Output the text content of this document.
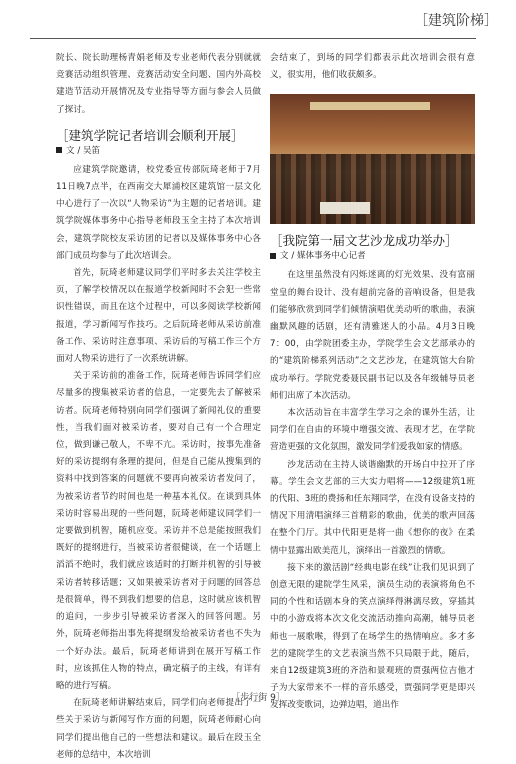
［建筑阶梯］

院长、院长助理杨青娟老师及专业老师代表分别就就竞赛活动组织管理、竞赛活动安全问题、国内外高校建造节活动开展情况及专业指导等方面与参会人员做了探讨。

［建筑学院记者培训会顺利开展］
文 / 吴笛

应建筑学院邀请，校党委宣传部阮琦老师于7月11日晚7点半，在西南交大犀浦校区建筑馆一层文化中心进行了一次以“人物采访”为主题的记者培训。建筑学院媒体事务中心指导老师段玉全主持了本次培训会，建筑学院校友采访团的记者以及媒体事务中心各部门成员均参与了此次培训会。

首先，阮琦老师建议同学们平时多去关注学校主页，了解学校情况以在报道学校新闻时不会犯一些常识性错误，而且在这个过程中，可以多阅读学校新闻报道，学习新闻写作技巧。之后阮琦老师从采访前准备工作、采访时注意事项、采访后的写稿工作三个方面对人物采访进行了一次系统讲解。

关于采访前的准备工作，阮琦老师告诉同学们应尽量多的搜集被采访者的信息，一定要先去了解被采访者。阮琦老师特别向同学们强调了新闻礼仪的重要性，当我们面对被采访者，要对自己有一个合理定位，做到谦己敬人，不卑不亢。采访时，按事先准备好的采访提纲有条理的提问，但是自己能从搜集到的资料中找到答案的问题就不要再向被采访者发问了，为被采访者节约时间也是一种基本礼仪。在谈到具体采访时容易出现的一些问题，阮琦老师建议同学们一定要做到机智，随机应变。采访并不总是能按照我们既好的提纲进行，当被采访者很健谈，在一个话题上滔滔不绝时，我们就应该适时的打断并机智的引导被采访者转移话题；又如果被采访者对于问题的回答总是很简单，得不到我们想要的信息，这时就应该机智的追问，一步步引导被采访者深入的回答问题。另外，阮琦老师指出事先将提纲发给被采访者也不失为一个好办法。最后，阮琦老师讲到在展开写稿工作时，应该抓住人物的特点，确定稿子的主线，有详有略的进行写稿。

在阮琦老师讲解结束后，同学们向老师提出了一些关于采访与新闻写作方面的问题，阮琦老师耐心向同学们提出他自己的一些想法和建议。最后在段玉全老师的总结中，本次培训

会结束了，到场的同学们都表示此次培训会很有意义，很实用，他们收获颇多。

［我院第一届文艺沙龙成功举办］
文 / 媒体事务中心记者

在这里虽然没有闪烁迷离的灯光效果、没有富丽堂皇的舞台设计、没有超前完备的音响设备，但是我们能够欣赏到同学们倾情演唱优美动听的歌曲，表演幽默风趣的话剧，还有清雅迷人的小品。4月3日晚7：00，由学院团委主办，学院学生会文艺部承办的的“建筑阶梯系列活动”之文艺沙龙，在建筑馆大台阶成功举行。学院党委聂民副书记以及各年级辅导员老师们出席了本次活动。

本次活动旨在丰富学生学习之余的课外生活，让同学们在自由的环境中增强交流、表现才艺，在学院营造更强的文化氛围，激发同学们爱我如家的情感。

沙龙活动在主持人谈谐幽默的开场白中拉开了序幕。学生会文艺部的三大实力唱将——12级建筑1班的代阳、3班的费扬和任东翔同学，在没有设备支持的情况下用清唱演绎三首精彩的歌曲，优美的歌声回荡在整个门厅。其中代阳更是将一曲《想你的夜》在柔情中显露出欧美范儿，演绎出一首激烈的情歌。

接下来的激活剧“经典电影在线”让我们见识到了创意无限的建院学生风采，演员生动的表演将角色不同的个性和话剧本身的笑点演绎得淋漓尽致，穿插其中的小游戏将本次文化交流活动推向高潮，辅导员老师也一展歌喉，得到了在场学生的热情响应。多才多艺的建院学生的文艺表演当然不只局限于此，随后，来自12级建筑3班的齐浩和景观班的贾强两位吉他才子为大家带来不一样的音乐感受，贾强同学更是即兴发挥改变歌词，边弹边唱，道出作

［步行街 9］
